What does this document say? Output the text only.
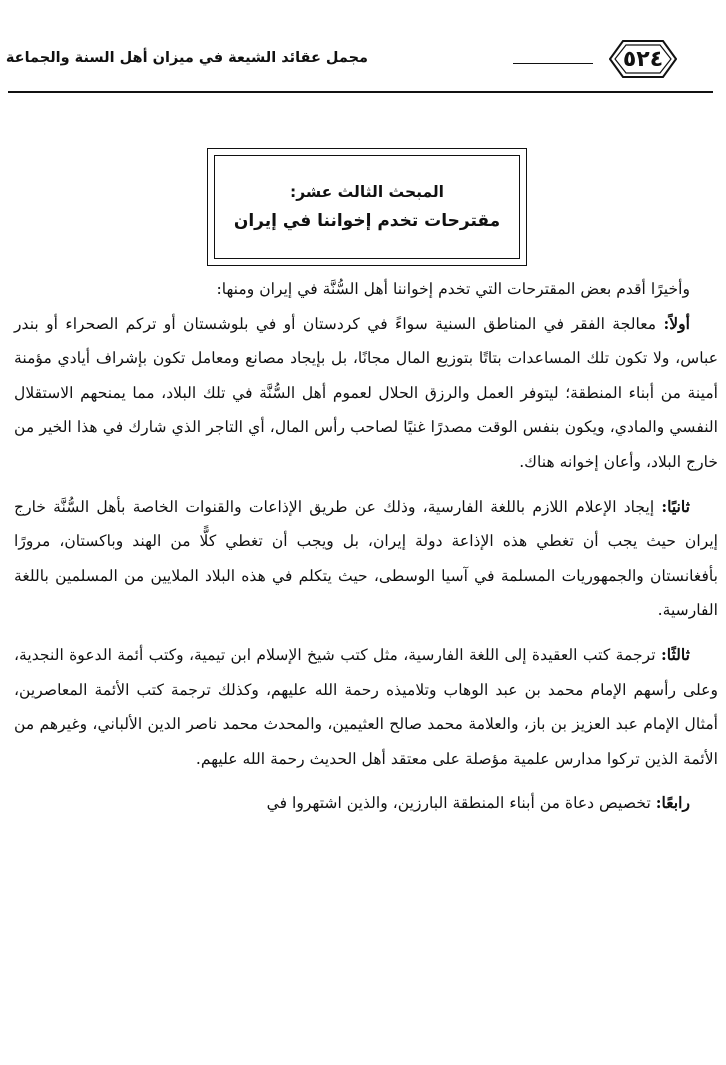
٥٢٤
مجمل عقائد الشيعة في ميزان أهل السنة والجماعة
المبحث الثالث عشر:
مقترحات تخدم إخواننا في إيران

وأخيرًا أقدم بعض المقترحات التي تخدم إخواننا أهل السُّنَّة في إيران ومنها:

أولاً: معالجة الفقر في المناطق السنية سواءً في كردستان أو في بلوشستان أو تركم الصحراء أو بندر عباس، ولا تكون تلك المساعدات بتاتًا بتوزيع المال مجانًا، بل بإيجاد مصانع ومعامل تكون بإشراف أيادي مؤمنة أمينة من أبناء المنطقة؛ ليتوفر العمل والرزق الحلال لعموم أهل السُّنَّة في تلك البلاد، مما يمنحهم الاستقلال النفسي والمادي، ويكون بنفس الوقت مصدرًا غنيًا لصاحب رأس المال، أي التاجر الذي شارك في هذا الخير من خارج البلاد، وأعان إخوانه هناك.

ثانيًا: إيجاد الإعلام اللازم باللغة الفارسية، وذلك عن طريق الإذاعات والقنوات الخاصة بأهل السُّنَّة خارج إيران حيث يجب أن تغطي هذه الإذاعة دولة إيران، بل ويجب أن تغطي كلًّا من الهند وباكستان، مرورًا بأفغانستان والجمهوريات المسلمة في آسيا الوسطى، حيث يتكلم في هذه البلاد الملايين من المسلمين باللغة الفارسية.

ثالثًا: ترجمة كتب العقيدة إلى اللغة الفارسية، مثل كتب شيخ الإسلام ابن تيمية، وكتب أئمة الدعوة النجدية، وعلى رأسهم الإمام محمد بن عبد الوهاب وتلاميذه رحمة الله عليهم، وكذلك ترجمة كتب الأئمة المعاصرين، أمثال الإمام عبد العزيز بن باز، والعلامة محمد صالح العثيمين، والمحدث محمد ناصر الدين الألباني، وغيرهم من الأئمة الذين تركوا مدارس علمية مؤصلة على معتقد أهل الحديث رحمة الله عليهم.

رابعًا: تخصيص دعاة من أبناء المنطقة البارزين، والذين اشتهروا في
